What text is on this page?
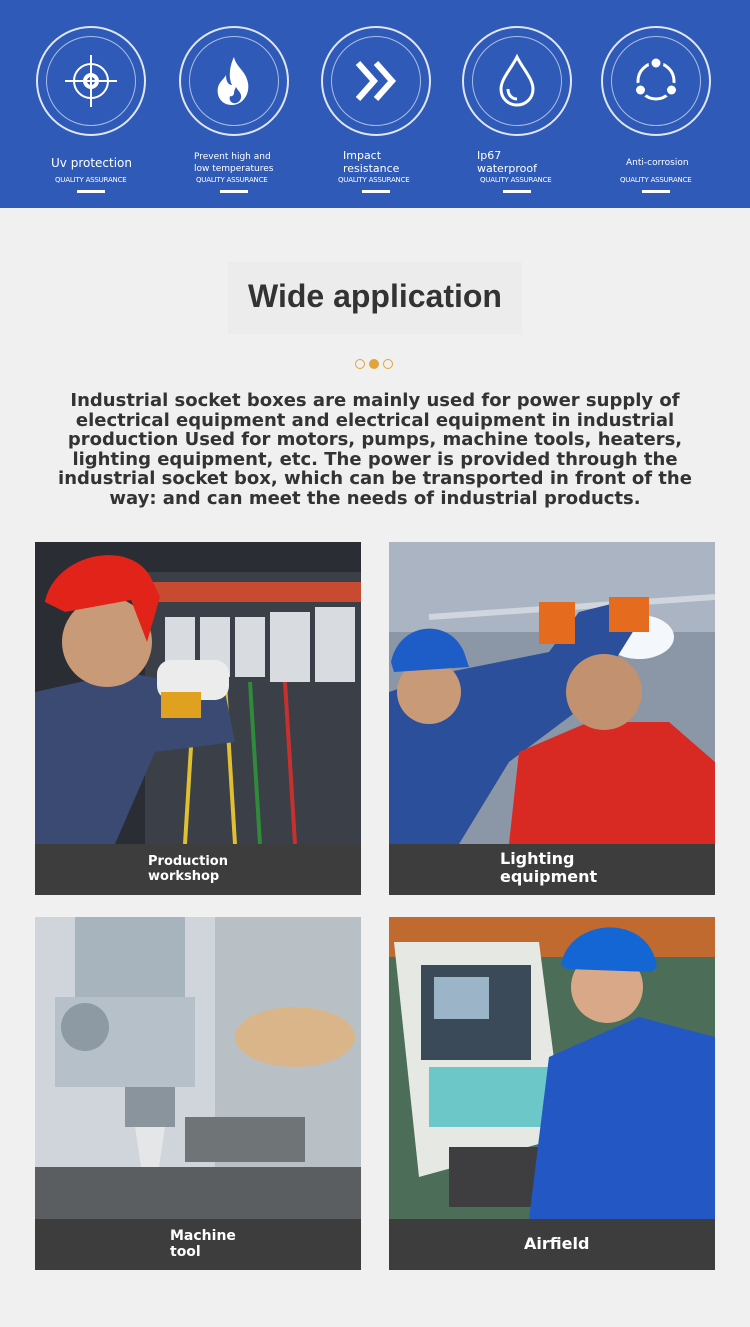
Uv protection
QUALITY ASSURANCE
Prevent high and
low temperatures
QUALITY ASSURANCE
Impact
resistance
QUALITY ASSURANCE
Ip67
waterproof
QUALITY ASSURANCE
Anti-corrosion
QUALITY ASSURANCE
Wide application
Industrial socket boxes are mainly used for power supply of electrical equipment and electrical equipment in industrial production Used for motors, pumps, machine tools, heaters, lighting equipment, etc. The power is provided through the industrial socket box, which can be transported in front of the way: and can meet the needs of industrial products.
Production
workshop
Lighting
equipment
Machine
tool	Airfield
